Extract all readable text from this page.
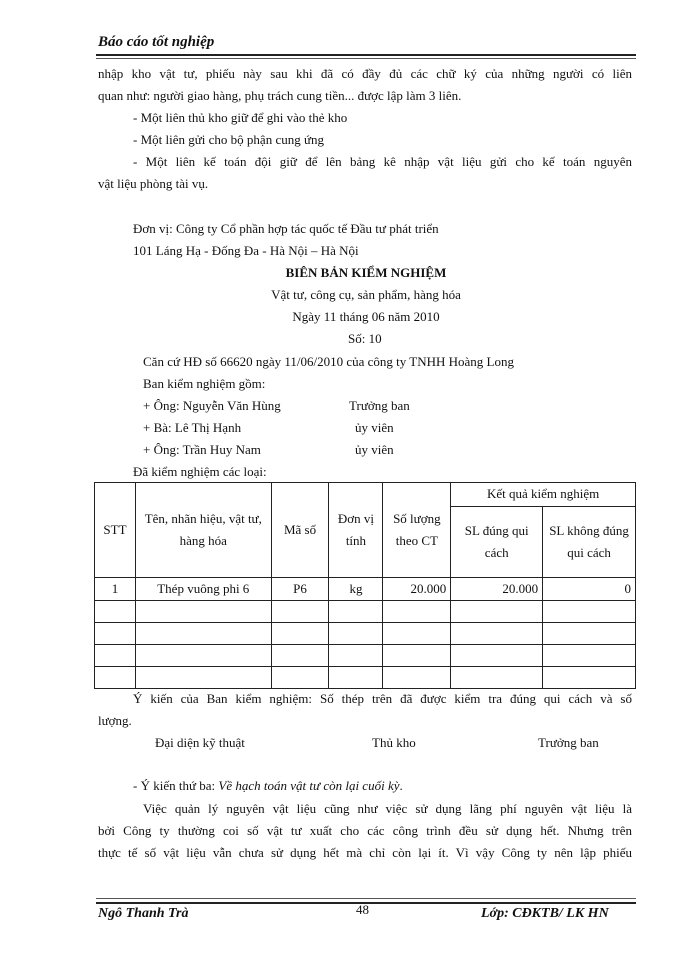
Báo cáo tốt nghiệp
nhập kho vật tư, phiếu này sau khi đã có đầy đủ các chữ ký của những người có liên
quan như: người giao hàng, phụ trách cung tiền... được lập làm 3 liên.
- Một liên thủ kho giữ để ghi vào thẻ kho
- Một liên gửi cho bộ phận cung ứng
- Một liên kế toán đội giữ để lên bảng kê nhập vật liệu gửi cho kế toán nguyên
vật liệu phòng tài vụ.
Đơn vị: Công ty Cổ phần hợp tác quốc tế Đầu tư phát triển
101 Láng Hạ - Đống Đa - Hà Nội – Hà Nội
BIÊN BẢN KIỂM NGHIỆM
Vật tư, công cụ, sản phẩm, hàng hóa
Ngày 11 tháng 06 năm 2010
Số: 10
Căn cứ HĐ số 66620 ngày 11/06/2010 của công ty TNHH Hoàng Long
Ban kiểm nghiệm gồm:
+ Ông: Nguyễn Văn Hùng	Trưởng ban
+ Bà: Lê Thị Hạnh	ủy viên
+ Ông: Trần Huy Nam	ủy viên
Đã kiểm nghiệm các loại:
STT	Tên, nhãn hiệu, vật tư, hàng hóa	Mã số	Đơn vị tính	Số lượng theo CT	Kết quả kiểm nghiệm	
					SL đúng qui cách	SL không đúng qui cách
1	Thép vuông phi 6	P6	kg	20.000	20.000	0

Ý kiến của Ban kiểm nghiệm: Số thép trên đã được kiểm tra đúng qui cách và số
lượng.
Đại diện kỹ thuật	Thủ kho	Trưởng ban
- Ý kiến thứ ba: Về hạch toán vật tư còn lại cuối kỳ.
Việc quản lý nguyên vật liệu cũng như việc sử dụng lãng phí nguyên vật liệu là
bởi Công ty thường coi số vật tư xuất cho các công trình đều sử dụng hết. Nhưng trên
thực tế số vật liệu vẫn chưa sử dụng hết mà chỉ còn lại ít. Vì vậy Công ty nên lập phiếu
Ngô Thanh Trà	48	Lớp: CĐKTB/ LK HN
